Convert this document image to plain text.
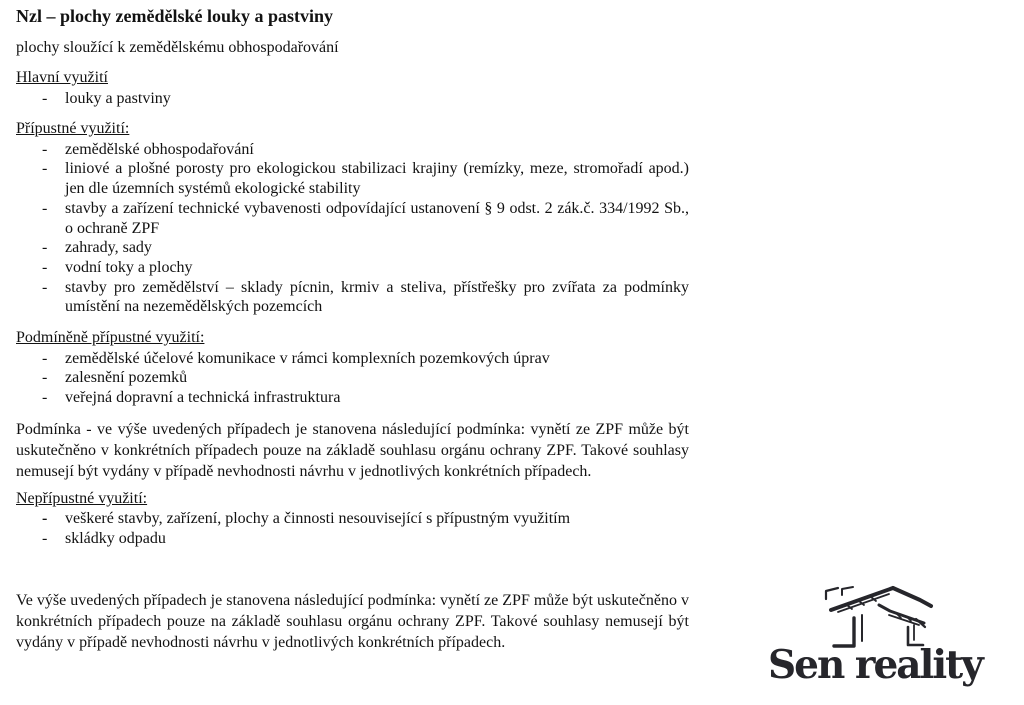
Nzl – plochy zemědělské louky a pastviny

plochy sloužící k zemědělskému obhospodařování

Hlavní využití
- louky a pastviny
Přípustné využití:
- zemědělské obhospodařování
- liniové a plošné porosty pro ekologickou stabilizaci krajiny (remízky, meze, stromořadí apod.) jen dle územních systémů ekologické stability
- stavby a zařízení technické vybavenosti odpovídající ustanovení § 9 odst. 2 zák.č. 334/1992 Sb., o ochraně ZPF
- zahrady, sady
- vodní toky a plochy
- stavby pro zemědělství – sklady pícnin, krmiv a steliva, přístřešky pro zvířata za podmínky umístění na nezemědělských pozemcích
Podmíněně přípustné využití:
- zemědělské účelové komunikace v rámci komplexních pozemkových úprav
- zalesnění pozemků
- veřejná dopravní a technická infrastruktura

Podmínka - ve výše uvedených případech je stanovena následující podmínka: vynětí ze ZPF může být uskutečněno v konkrétních případech pouze na základě souhlasu orgánu ochrany ZPF. Takové souhlasy nemusejí být vydány v případě nevhodnosti návrhu v jednotlivých konkrétních případech.

Nepřípustné využití:
- veškeré stavby, zařízení, plochy a činnosti nesouvisející s přípustným využitím
- skládky odpadu

Ve výše uvedených případech je stanovena následující podmínka: vynětí ze ZPF může být uskutečněno v konkrétních případech pouze na základě souhlasu orgánu ochrany ZPF. Takové souhlasy nemusejí být vydány v případě nevhodnosti návrhu v jednotlivých konkrétních případech.	Sen reality
